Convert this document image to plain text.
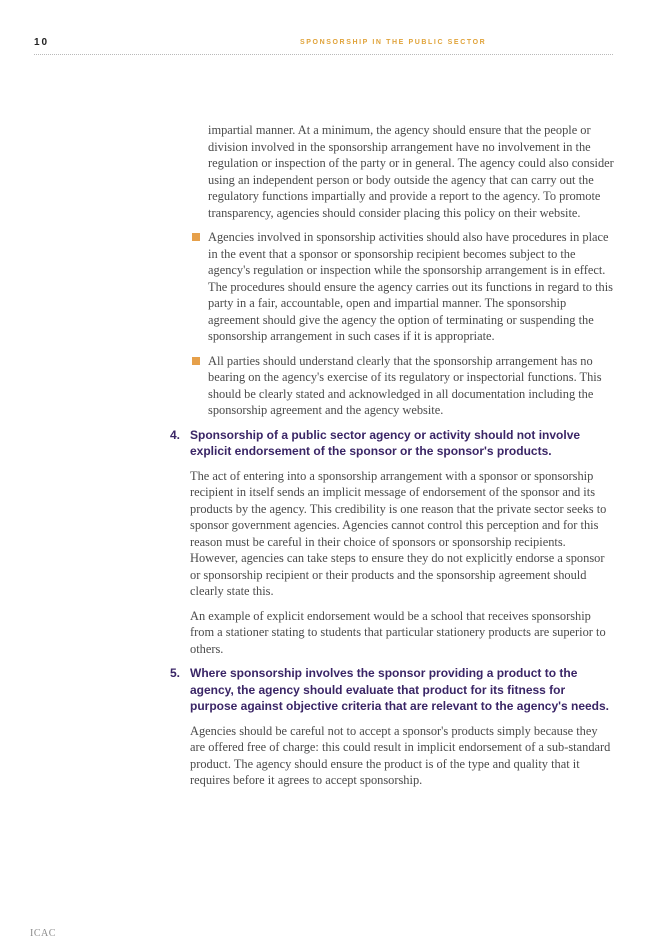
10	SPONSORSHIP IN THE PUBLIC SECTOR

impartial manner. At a minimum, the agency should ensure that the people or division involved in the sponsorship arrangement have no involvement in the regulation or inspection of the party or in general. The agency could also consider using an independent person or body outside the agency that can carry out the regulatory functions impartially and provide a report to the agency. To promote transparency, agencies should consider placing this policy on their website.

Agencies involved in sponsorship activities should also have procedures in place in the event that a sponsor or sponsorship recipient becomes subject to the agency's regulation or inspection while the sponsorship arrangement is in effect. The procedures should ensure the agency carries out its functions in regard to this party in a fair, accountable, open and impartial manner. The sponsorship agreement should give the agency the option of terminating or suspending the sponsorship arrangement in such cases if it is appropriate.

All parties should understand clearly that the sponsorship arrangement has no bearing on the agency's exercise of its regulatory or inspectorial functions. This should be clearly stated and acknowledged in all documentation including the sponsorship agreement and the agency website.

4. Sponsorship of a public sector agency or activity should not involve explicit endorsement of the sponsor or the sponsor's products.

The act of entering into a sponsorship arrangement with a sponsor or sponsorship recipient in itself sends an implicit message of endorsement of the sponsor and its products by the agency. This credibility is one reason that the private sector seeks to sponsor government agencies. Agencies cannot control this perception and for this reason must be careful in their choice of sponsors or sponsorship recipients. However, agencies can take steps to ensure they do not explicitly endorse a sponsor or sponsorship recipient or their products and the sponsorship agreement should clearly state this.

An example of explicit endorsement would be a school that receives sponsorship from a stationer stating to students that particular stationery products are superior to others.

5. Where sponsorship involves the sponsor providing a product to the agency, the agency should evaluate that product for its fitness for purpose against objective criteria that are relevant to the agency's needs.

Agencies should be careful not to accept a sponsor's products simply because they are offered free of charge: this could result in implicit endorsement of a sub-standard product. The agency should ensure the product is of the type and quality that it requires before it agrees to accept sponsorship.

ICAC
